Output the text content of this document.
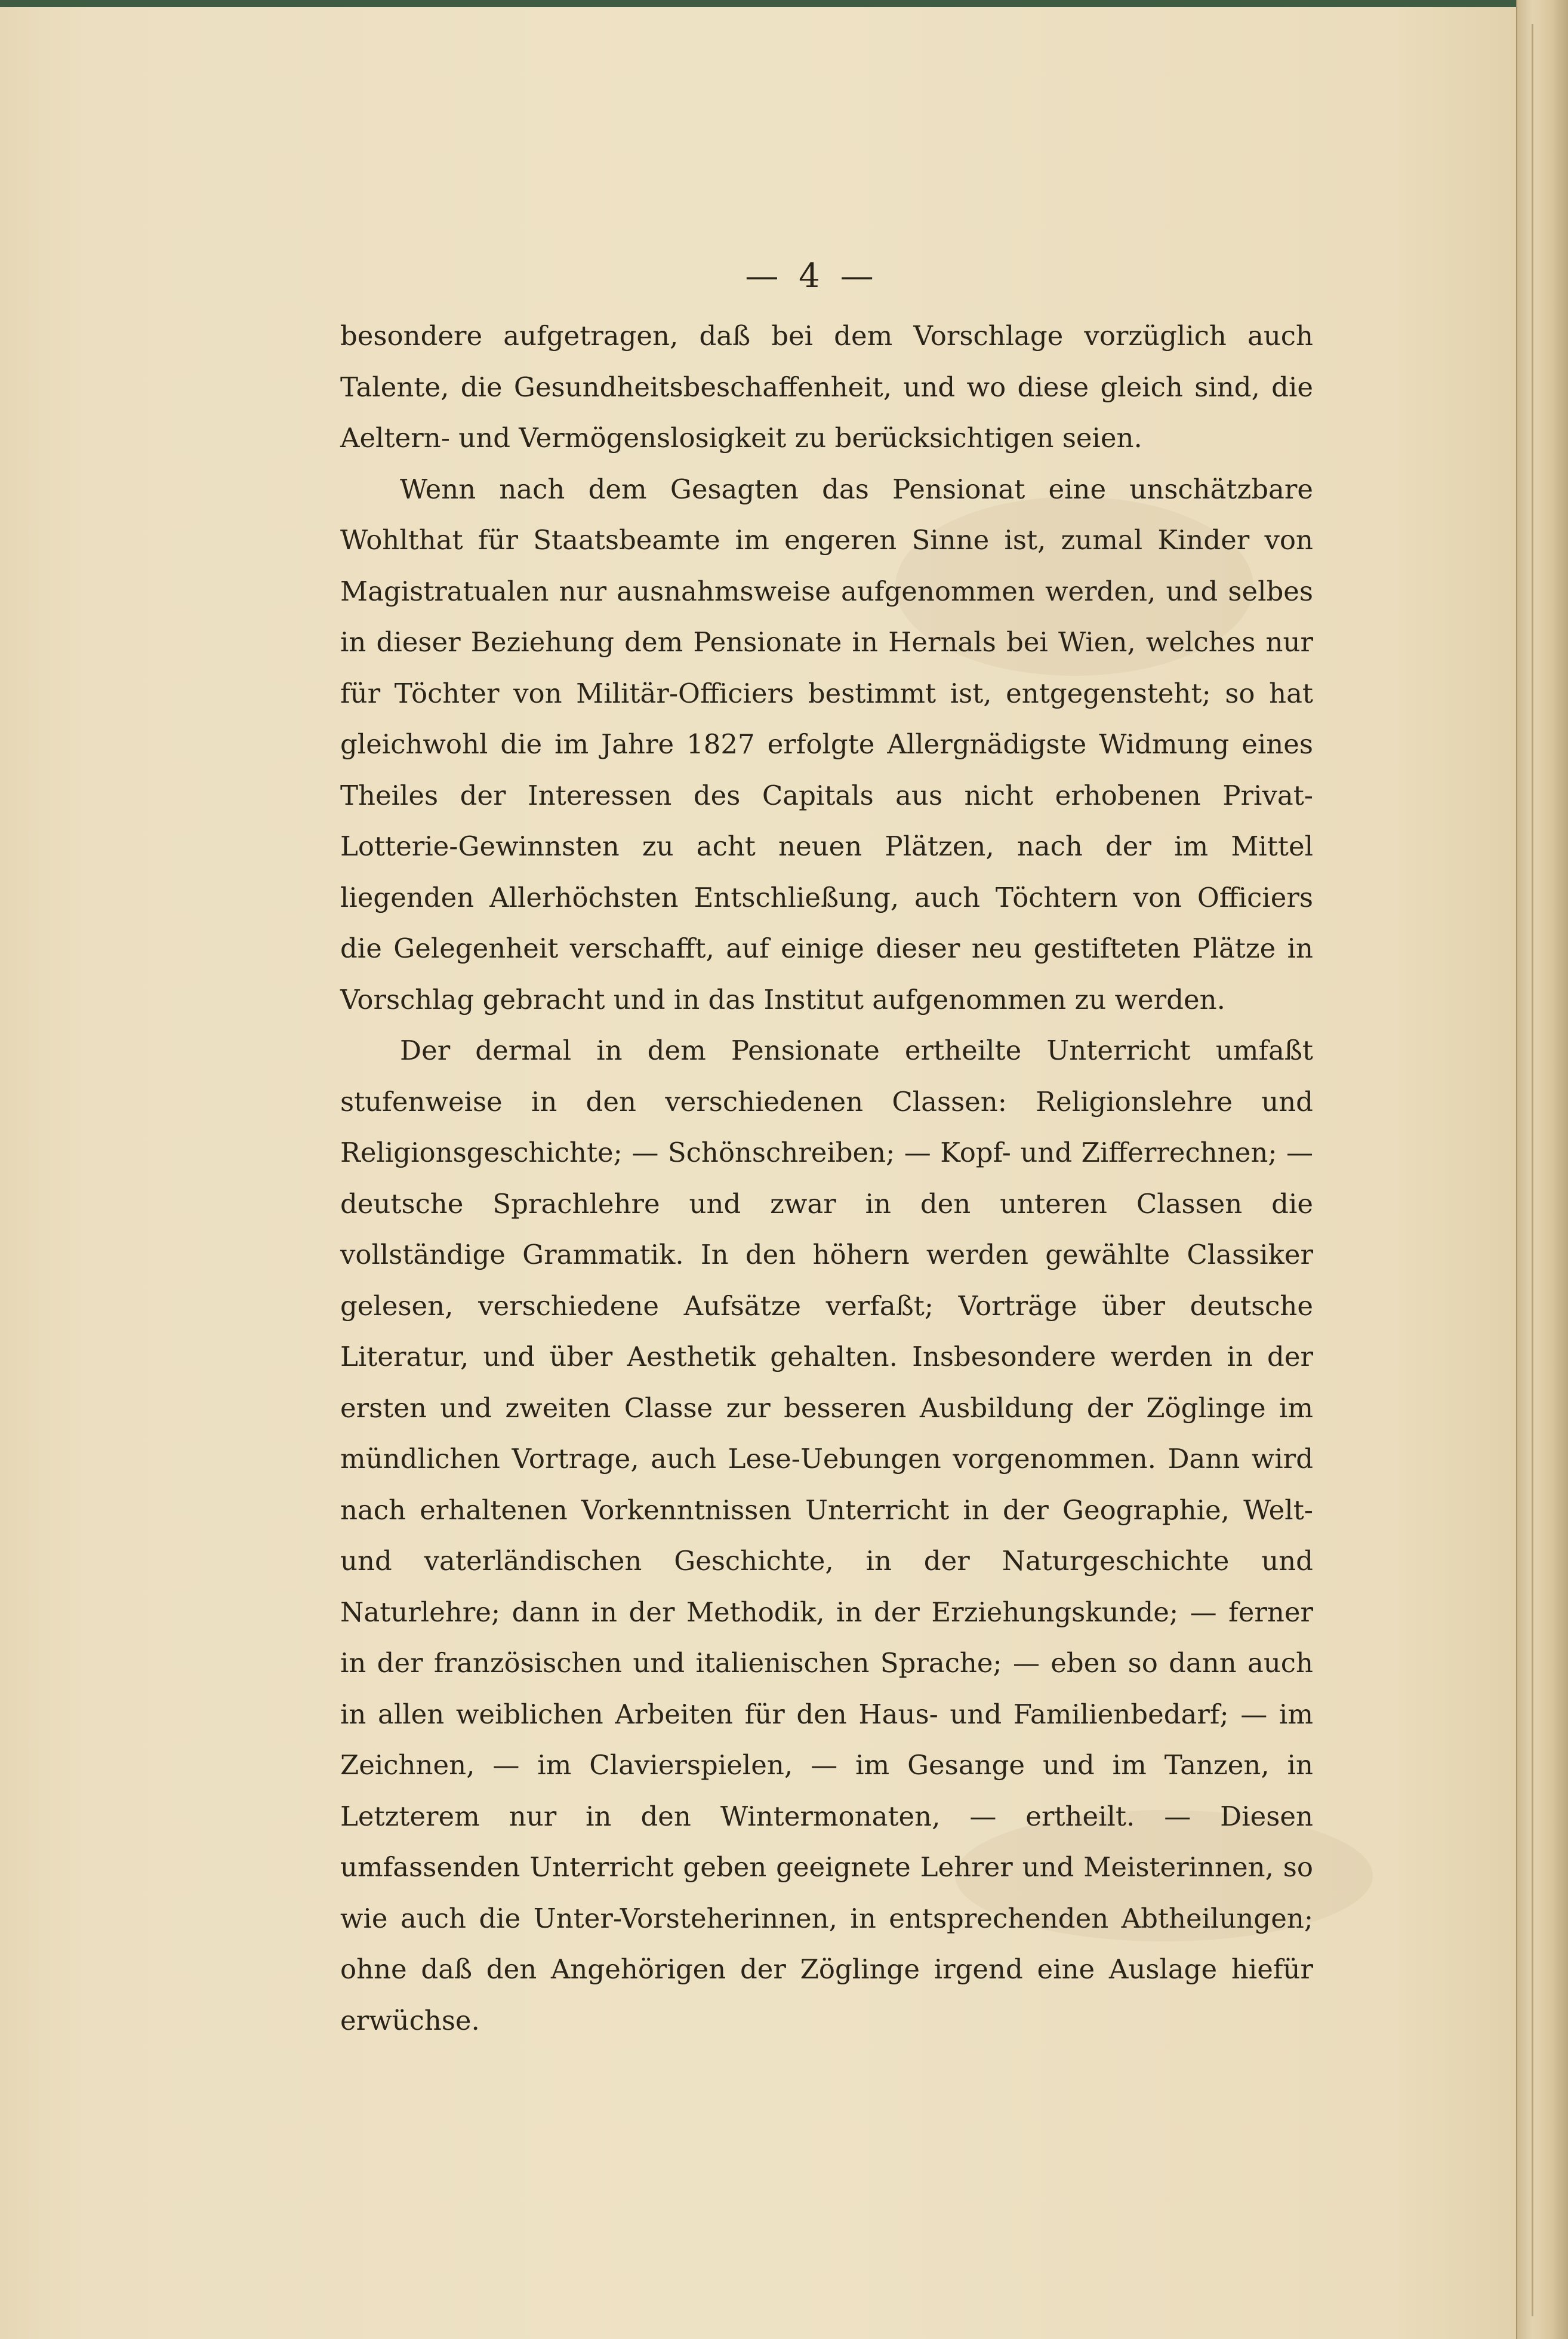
— 4 —

besondere aufgetragen, daß bei dem Vorschlage vorzüglich auch Talente, die Gesundheitsbeschaffenheit, und wo diese gleich sind, die Aeltern- und Vermögenslosigkeit zu berücksichtigen seien.

Wenn nach dem Gesagten das Pensionat eine unschätzbare Wohlthat für Staatsbeamte im engeren Sinne ist, zumal Kinder von Magistratualen nur ausnahmsweise aufgenommen werden, und selbes in dieser Beziehung dem Pensionate in Hernals bei Wien, welches nur für Töchter von Militär-Officiers bestimmt ist, entgegensteht; so hat gleichwohl die im Jahre 1827 erfolgte Allergnädigste Widmung eines Theiles der Interessen des Capitals aus nicht erhobenen Privat-Lotterie-Gewinnsten zu acht neuen Plätzen, nach der im Mittel liegenden Allerhöchsten Entschließung, auch Töchtern von Officiers die Gelegenheit verschafft, auf einige dieser neu gestifteten Plätze in Vorschlag gebracht und in das Institut aufgenommen zu werden.

Der dermal in dem Pensionate ertheilte Unterricht umfaßt stufenweise in den verschiedenen Classen: Religionslehre und Religionsgeschichte; — Schönschreiben; — Kopf- und Zifferrechnen; — deutsche Sprachlehre und zwar in den unteren Classen die vollständige Grammatik. In den höhern werden gewählte Classiker gelesen, verschiedene Aufsätze verfaßt; Vorträge über deutsche Literatur, und über Aesthetik gehalten. Insbesondere werden in der ersten und zweiten Classe zur besseren Ausbildung der Zöglinge im mündlichen Vortrage, auch Lese-Uebungen vorgenommen. Dann wird nach erhaltenen Vorkenntnissen Unterricht in der Geographie, Welt- und vaterländischen Geschichte, in der Naturgeschichte und Naturlehre; dann in der Methodik, in der Erziehungskunde; — ferner in der französischen und italienischen Sprache; — eben so dann auch in allen weiblichen Arbeiten für den Haus- und Familienbedarf; — im Zeichnen, — im Clavierspielen, — im Gesange und im Tanzen, in Letzterem nur in den Wintermonaten, — ertheilt. — Diesen umfassenden Unterricht geben geeignete Lehrer und Meisterinnen, so wie auch die Unter-Vorsteherinnen, in entsprechenden Abtheilungen; ohne daß den Angehörigen der Zöglinge irgend eine Auslage hiefür erwüchse.
